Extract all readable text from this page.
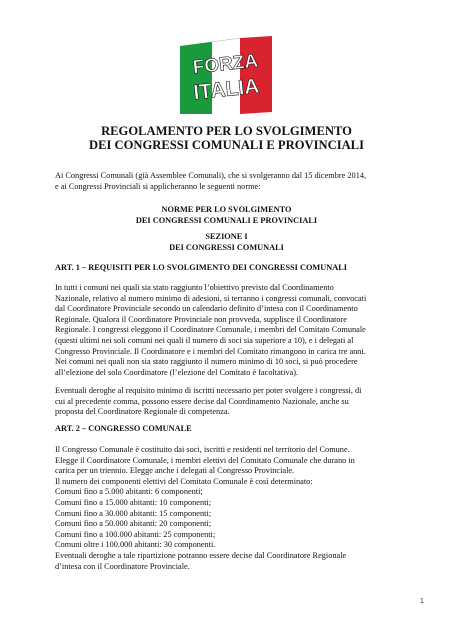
FORZA
ITALIA
REGOLAMENTO PER LO SVOLGIMENTO
DEI CONGRESSI COMUNALI E PROVINCIALI
Ai Congressi Comunali (già Assemblee Comunali), che si svolgeranno dal 15 dicembre 2014,
e ai Congressi Provinciali si applicheranno le seguenti norme:
NORME PER LO SVOLGIMENTO
DEI CONGRESSI COMUNALI E PROVINCIALI
SEZIONE I
DEI CONGRESSI COMUNALI
ART. 1 – REQUISITI PER LO SVOLGIMENTO DEI CONGRESSI COMUNALI
In tutti i comuni nei quali sia stato raggiunto l’obiettivo previsto dal Coordinamento
Nazionale, relativo al numero minimo di adesioni, si terranno i congressi comunali, convocati
dal Coordinatore Provinciale secondo un calendario definito d’intesa con il Coordinamento
Regionale. Qualora il Coordinatore Provinciale non provveda, supplisce il Coordinatore
Regionale. I congressi eleggono il Coordinatore Comunale, i membri del Comitato Comunale
(questi ultimi nei soli comuni nei quali il numero di soci sia superiore a 10), e i delegati al
Congresso Provinciale. Il Coordinatore e i membri del Comitato rimangono in carica tre anni.
Nei comuni nei quali non sia stato raggiunto il numero minimo di 10 soci, si può procedere
all’elezione del solo Coordinatore (l’elezione del Comitato è facoltativa).
Eventuali deroghe al requisito minimo di iscritti necessario per poter svolgere i congressi, di
cui al precedente comma, possono essere decise dal Coordinamento Nazionale, anche su
proposta del Coordinatore Regionale di competenza.
ART. 2 – CONGRESSO COMUNALE
Il Congresso Comunale è costituito dai soci, iscritti e residenti nel territorio del Comune.
Elegge il Coordinatore Comunale, i membri elettivi del Comitato Comunale che durano in
carica per un triennio. Elegge anche i delegati al Congresso Provinciale.
Il numero dei componenti elettivi del Comitato Comunale è così determinato:
Comuni fino a 5.000 abitanti: 6 componenti;
Comuni fino a 15.000 abitanti: 10 componenti;
Comuni fino a 30.000 abitanti: 15 componenti;
Comuni fino a 50.000 abitanti: 20 componenti;
Comuni fino a 100.000 abitanti: 25 componenti;
Comuni oltre i 100.000 abitanti: 30 componenti.
Eventuali deroghe a tale ripartizione potranno essere decise dal Coordinatore Regionale
d’intesa con il Coordinatore Provinciale.
1
